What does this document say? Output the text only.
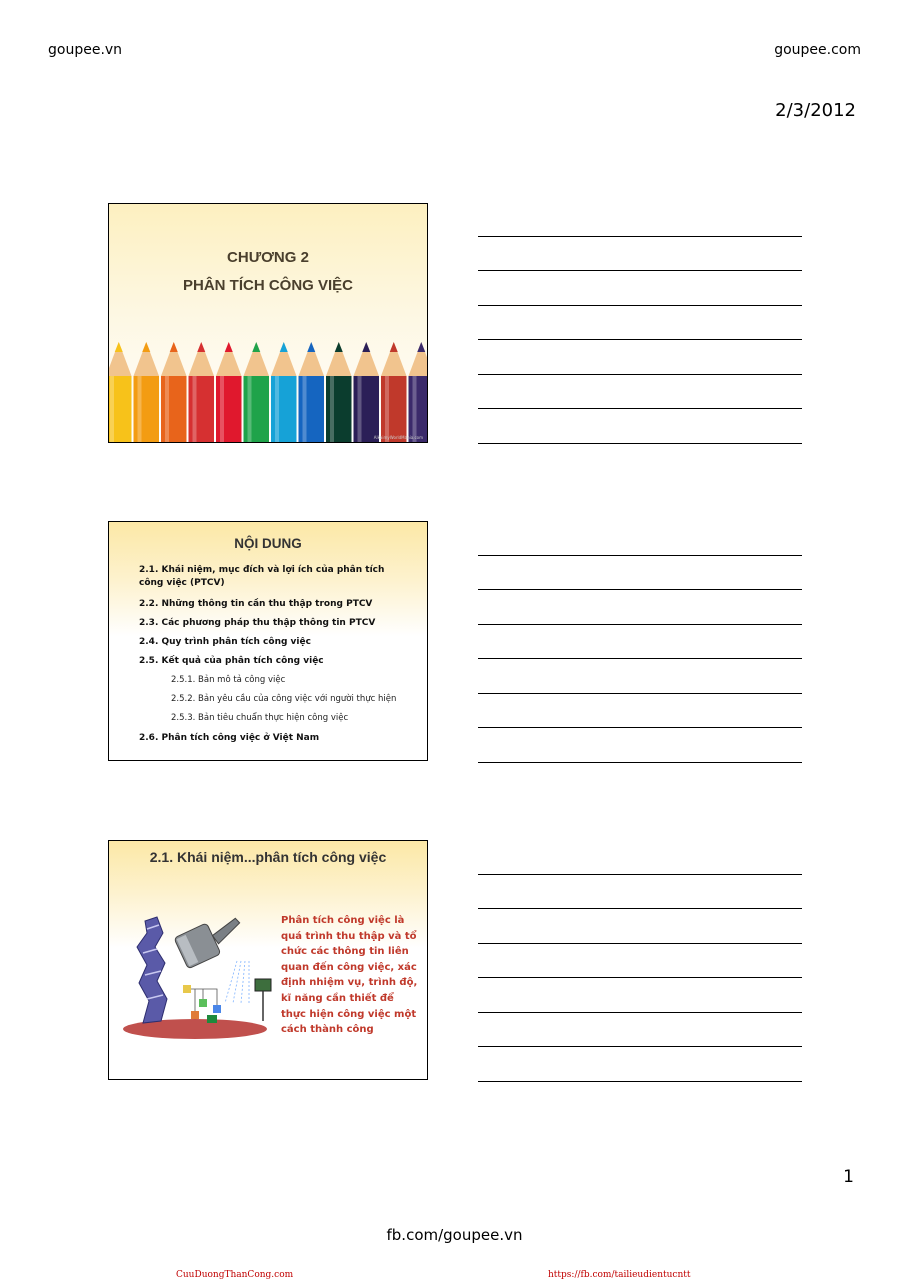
goupee.vn	goupee.com
2/3/2012
CHƯƠNG 2
PHÂN TÍCH CÔNG VIỆC
AlkaimyWorldMania.com
NỘI DUNG
2.1. Khái niệm, mục đích và lợi ích của phân tích công việc (PTCV)
2.2. Những thông tin cần thu thập trong PTCV
2.3. Các phương pháp thu thập thông tin PTCV
2.4. Quy trình phân tích công việc
2.5. Kết quả của phân tích công việc
2.5.1. Bản mô tả công việc
2.5.2. Bản yêu cầu của công việc với người thực hiện
2.5.3. Bản tiêu chuẩn thực hiện công việc
2.6. Phân tích công việc ở Việt Nam
2.1. Khái niệm...phân tích công việc
Phân tích công việc là quá trình thu thập và tổ chức các thông tin liên quan đến công việc, xác định nhiệm vụ, trình độ, kĩ năng cần thiết để thực hiện công việc một cách thành công
1
fb.com/goupee.vn
CuuDuongThanCong.com	https://fb.com/tailieudientucntt
